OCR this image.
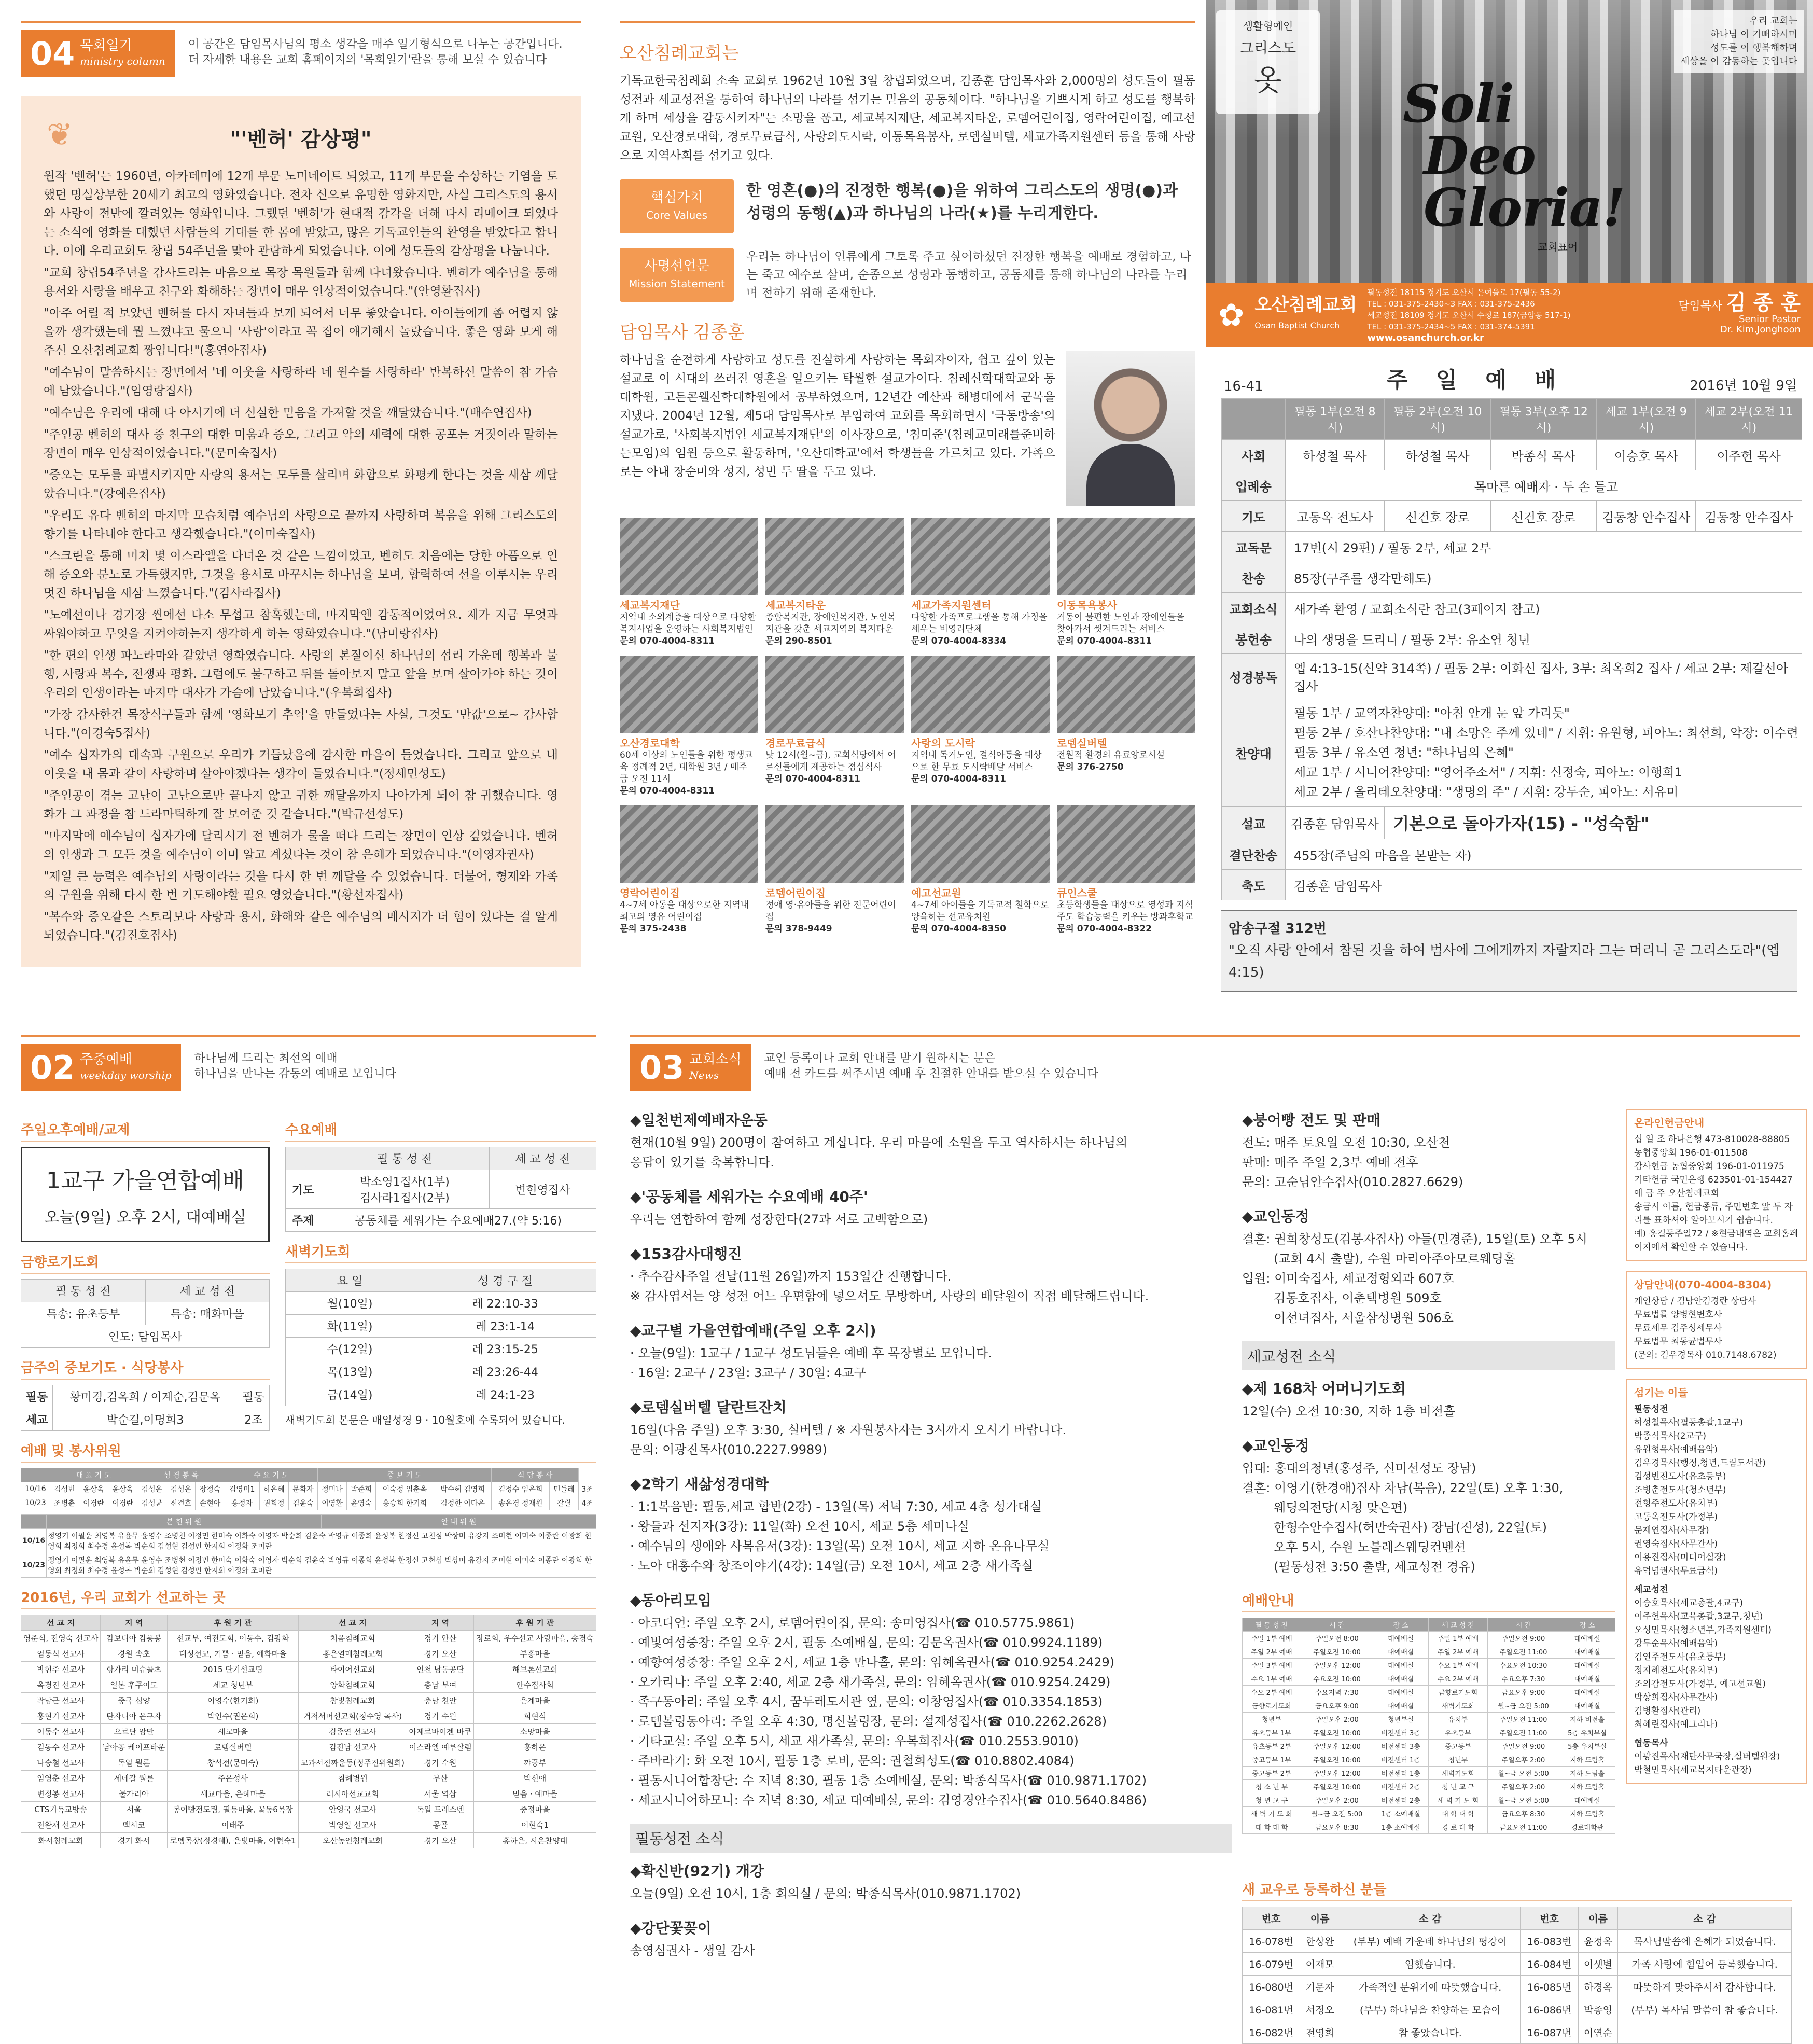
04 목회일기
ministry column
이 공간은 담임목사님의 평소 생각을 매주 일기형식으로 나누는 공간입니다.
더 자세한 내용은 교회 홈페이지의 '목회일기'란을 통해 보실 수 있습니다
❦	"'벤허' 감상평"

원작 '벤허'는 1960년, 아카데미에 12개 부문 노미네이트 되었고, 11개 부문을 수상하는 기염을 토했던 명실상부한 20세기 최고의 영화였습니다. 전차 신으로 유명한 영화지만, 사실 그리스도의 용서와 사랑이 전반에 깔려있는 영화입니다. 그랬던 '벤허'가 현대적 감각을 더해 다시 리메이크 되었다는 소식에 영화를 대했던 사람들의 기대를 한 몸에 받았고, 많은 기독교인들의 환영을 받았다고 합니다. 이에 우리교회도 창립 54주년을 맞아 관람하게 되었습니다. 이에 성도들의 감상평을 나눕니다.

"교회 창립54주년을 감사드리는 마음으로 목장 목원들과 함께 다녀왔습니다. 벤허가 예수님을 통해 용서와 사랑을 배우고 친구와 화해하는 장면이 매우 인상적이었습니다."(안영환집사)

"아주 어릴 적 보았던 벤허를 다시 자녀들과 보게 되어서 너무 좋았습니다. 아이들에게 좀 어렵지 않을까 생각했는데 뭘 느꼈냐고 물으니 '사랑'이라고 꼭 집어 얘기해서 놀랐습니다. 좋은 영화 보게 해주신 오산침례교회 짱입니다!"(홍연아집사)

"예수님이 말씀하시는 장면에서 '네 이웃을 사랑하라 네 원수를 사랑하라' 반복하신 말씀이 참 가슴에 남았습니다."(임영랑집사)

"예수님은 우리에 대해 다 아시기에 더 신실한 믿음을 가져할 것을 깨달았습니다."(배수연집사)

"주인공 벤허의 대사 중 친구의 대한 미움과 증오, 그리고 악의 세력에 대한 공포는 거짓이라 말하는 장면이 매우 인상적이었습니다."(문미숙집사)

"증오는 모두를 파멸시키지만 사랑의 용서는 모두를 살리며 화합으로 화평케 한다는 것을 새삼 깨달았습니다."(강예은집사)

"우리도 유다 벤허의 마지막 모습처럼 예수님의 사랑으로 끝까지 사랑하며 복음을 위해 그리스도의 향기를 나타내야 한다고 생각했습니다."(이미숙집사)

"스크린을 통해 미처 몇 이스라엘을 다녀온 것 같은 느낌이었고, 벤허도 처음에는 당한 아픔으로 인해 증오와 분노로 가득했지만, 그것을 용서로 바꾸시는 하나님을 보며, 합력하여 선을 이루시는 우리 멋진 하나님을 새삼 느꼈습니다."(김사라집사)

"노예선이나 경기장 씬에선 다소 무섭고 참혹했는데, 마지막엔 감동적이었어요. 제가 지금 무엇과 싸워야하고 무엇을 지켜야하는지 생각하게 하는 영화였습니다."(남미랑집사)

"한 편의 인생 파노라마와 같았던 영화였습니다. 사랑의 본질이신 하나님의 섭리 가운데 행복과 불행, 사랑과 복수, 전쟁과 평화. 그럼에도 불구하고 뒤를 돌아보지 말고 앞을 보며 살아가야 하는 것이 우리의 인생이라는 마지막 대사가 가슴에 남았습니다."(우복희집사)

"가장 감사한건 목장식구들과 함께 '영화보기 추억'을 만들었다는 사실, 그것도 '반값'으로~ 감사합니다."(이경숙5집사)

"예수 십자가의 대속과 구원으로 우리가 거듭났음에 감사한 마음이 들었습니다. 그리고 앞으로 내 이웃을 내 몸과 같이 사랑하며 살아야겠다는 생각이 들었습니다."(정세민성도)

"주인공이 겪는 고난이 고난으로만 끝나지 않고 귀한 깨달음까지 나아가게 되어 참 귀했습니다. 영화가 그 과정을 참 드라마틱하게 잘 보여준 것 같습니다."(박규선성도)

"마지막에 예수님이 십자가에 달리시기 전 벤허가 물을 떠다 드리는 장면이 인상 깊었습니다. 벤허의 인생과 그 모든 것을 예수님이 이미 알고 계셨다는 것이 참 은혜가 되었습니다."(이영자권사)

"제일 큰 능력은 예수님의 사랑이라는 것을 다시 한 번 깨달을 수 있었습니다. 더불어, 형제와 가족의 구원을 위해 다시 한 번 기도해야할 필요 영었습니다."(황선자집사)

"복수와 증오같은 스토리보다 사랑과 용서, 화해와 같은 예수님의 메시지가 더 힘이 있다는 걸 알게 되었습니다."(김진호집사)

오산침례교회는

기독교한국침례회 소속 교회로 1962년 10월 3일 창립되었으며, 김종훈 담임목사와 2,000명의 성도들이 필동성전과 세교성전을 통하여 하나님의 나라를 섬기는 믿음의 공동체이다. "하나님을 기쁘시게 하고 성도를 행복하게 하며 세상을 감동시키자"는 소망을 품고, 세교복지재단, 세교복지타운, 로뎀어린이집, 영락어린이집, 예고선교원, 오산경로대학, 경로무료급식, 사랑의도시락, 이동목욕봉사, 로뎀실버텔, 세교가족지원센터 등을 통해 사랑으로 지역사회를 섬기고 있다.

핵심가치
Core Values
한 영혼(●)의 진정한 행복(●)을 위하여 그리스도의 생명(●)과 성령의 동행(▲)과 하나님의 나라(★)를 누리게한다.
사명선언문
Mission Statement
우리는 하나님이 인류에게 그토록 주고 싶어하셨던 진정한 행복을 예배로 경험하고, 나는 죽고 예수로 살며, 순종으로 성령과 동행하고, 공동체를 통해 하나님의 나라를 누리며 전하기 위해 존재한다.
담임목사 김종훈

하나님을 순전하게 사랑하고 성도를 진실하게 사랑하는 목회자이자, 쉽고 깊이 있는 설교로 이 시대의 쓰러진 영혼을 일으키는 탁월한 설교가이다. 침례신학대학교와 동대학원, 고든콘웰신학대학원에서 공부하였으며, 12년간 예산과 해병대에서 군목을 지냈다. 2004년 12월, 제5대 담임목사로 부임하여 교회를 목회하면서 '극동방송'의 설교가로, '사회복지법인 세교복지재단'의 이사장으로, '침미준'(침례교미래를준비하는모임)의 임원 등으로 활동하며, '오산대학교'에서 학생들을 가르치고 있다. 가족으로는 아내 장순미와 성지, 성빈 두 딸을 두고 있다.

세교복지재단
지역내 소외계층을 대상으로 다양한 복지사업을 운영하는 사회복지법인
문의 070-4004-8311
세교복지타운
종합복지관, 장애인복지관, 노인복지관을 갖춘 세교지역의 복지타운
문의 290-8501
세교가족지원센터
다양한 가족프로그램을 통해 가정을 세우는 비영리단체
문의 070-4004-8334
이동목욕봉사
거동이 불편한 노인과 장애인들을 찾아가서 씻겨드리는 서비스
문의 070-4004-8311
오산경로대학
60세 이상의 노인들을 위한 평생교육 정례적 2년, 대학원 3년 / 매주 금 오전 11시
문의 070-4004-8311
경로무료급식
낮 12시(월~금), 교회식당에서 어르신들에게 제공하는 점심식사
문의 070-4004-8311
사랑의 도시락
지역내 독거노인, 결식아동을 대상으로 한 무료 도시락배달 서비스
문의 070-4004-8311
로뎀실버텔
전원적 환경의 유료양로시설
문의 376-2750
영락어린이집
4~7세 아동을 대상으로한 지역내 최고의 영유 어린이집
문의 375-2438
로뎀어린이집
정애 영·유아들을 위한 전문어린이집
문의 378-9449
예고선교원
4~7세 아이들을 기독교적 철학으로 양육하는 선교유치원
문의 070-4004-8350
큐인스쿨
초등학생들을 대상으로 영성과 지식 주도 학습능력을 키우는 방과후학교
문의 070-4004-8322
생활형예인
그리스도
옷
우리 교회는
하나님 이 기뻐하시며
성도를 이 행복해하며
세상을 이 감동하는 곳입니다
Soli
Deo
Gloria!
교회표어
✿ 오산침례교회
Osan Baptist Church
필동성전 18115 경기도 오산시 은여울로 17(필동 55-2)
TEL : 031-375-2430~3 FAX : 031-375-2436
세교성전 18109 경기도 오산시 수청로 187(금암동 517-1)
TEL : 031-375-2434~5 FAX : 031-374-5391
www.osanchurch.or.kr
담임목사 김 종 훈
Senior Pastor
Dr. Kim,Jonghoon
16-41	주 일 예 배	2016년 10월 9일
	필동 1부(오전 8시)	필동 2부(오전 10시)	필동 3부(오후 12시)	세교 1부(오전 9시)	세교 2부(오전 11시)
사회	하성철 목사	하성철 목사	박종식 목사	이승호 목사	이주헌 목사
입례송	목마른 예배자 · 두 손 들고				
기도	고동옥 전도사	신건호 장로	신건호 장로	김동창 안수집사	김동창 안수집사
교독문	17번(시 29편) / 필동 2부, 세교 2부				
찬송	85장(구주를 생각만해도)				
교회소식	새가족 환영 / 교회소식란 참고(3페이지 참고)				
봉헌송	나의 생명을 드리니 / 필동 2부: 유소연 청년				
성경봉독	엡 4:13-15(신약 314쪽) / 필동 2부: 이화신 집사, 3부: 최옥희2 집사 / 세교 2부: 제갈선아 집사				
찬양대	필동 1부 / 교역자찬양대: "아침 안개 눈 앞 가리듯"
필동 2부 / 호산나찬양대: "내 소망은 주께 있네" / 지휘: 유원형, 피아노: 최선희, 악장: 이수련
필동 3부 / 유소연 청년: "하나님의 은혜"
세교 1부 / 시니어찬양대: "영어주소서" / 지휘: 신정숙, 피아노: 이행희1
세교 2부 / 올리테오찬양대: "생명의 주" / 지휘: 강두순, 피아노: 서유미				

설교	김종훈 담임목사	기본으로 돌아가자(15) - "성숙함"			
결단찬송	455장(주님의 마음을 본받는 자)				
축도	김종훈 담임목사				
암송구절 312번
"오직 사랑 안에서 참된 것을 하여 범사에 그에게까지 자랄지라 그는 머리니 곧 그리스도라"(엡 4:15)
02 주중예배
weekday worship
하나님께 드리는 최선의 예배
하나님을 만나는 감동의 예배로 모입니다
주일오후예배/교제
1교구 가을연합예배
오늘(9일) 오후 2시, 대예배실
금향로기도회
필 동 성 전	세 교 성 전
특송: 유초등부	특송: 매화마을
인도: 담임목사	
금주의 중보기도 · 식당봉사
필동	황미경,김옥희 / 이계순,김문옥	필동
세교	박순길,이명희3	2조
수요예배
	필 동 성 전	세 교 성 전
기도	박소영1집사(1부)
김사라1집사(2부)	변현영집사
주제	공동체를 세워가는 수요예배27.(약 5:16)	
새벽기도회
요 일	성 경 구 절
월(10일)	레 22:10-33
화(11일)	레 23:1-14
수(12일)	레 23:15-25
목(13일)	레 23:26-44
금(14일)	레 24:1-23
새벽기도회 본문은 매일성경 9 · 10월호에 수록되어 있습니다.
예배 및 봉사위원
	대 표 기 도			성 경 봉 독			수 요 기 도			중 보 기 도				식 당 봉 사		
10/16	김성빈	윤상욱	윤상욱	김성운	김성운	장정숙	김영미1	하은혜	문화자	정미나	박준희	이숙정 임춘옥	박수혜 김영희	김정수 임은희	민들레	3조
10/23	조병춘	이경란	이경란	김성균	신건호	손현아	홍정자	권희정	김윤숙	이영환	윤영숙	홍승희 한기희	김정한 이다은	송은경 정재원	갈릴	4조
	본 헌 위 원	안 내 위 원
10/16	정영기 이필운 최영복 유윤무 윤영수 조병천 이정민 한미숙 이화숙 이영자 박순희 김윤숙 박영규 이종희 윤성복 한정신 고천심 박상미 유강지 조미현 이미숙 이종란 이광희 한영희 최정희 최수경 윤성복 박순희 김성현 김성민 한지희 이정화 조미란	
10/23	정영기 이필운 최영복 유윤무 윤영수 조병천 이정민 한미숙 이화숙 이영자 박순희 김윤숙 박영규 이종희 윤성복 한정신 고천심 박상미 유강지 조미현 이미숙 이종란 이광희 한영희 최정희 최수경 윤성복 박순희 김성현 김성민 한지희 이정화 조미란	
2016년, 우리 교회가 선교하는 곳
선 교 지	지 역	후 원 기 관	선 교 지	지 역	후 원 기 관
영준식, 전영숙 선교사	캄보디아 캄퐁봉	선교부, 여전도회, 이동수, 김광화	처음침례교회	경기 안산	장로회, 우수선교 사랑마을, 송경숙
엄동식 선교사	경원 속초	대성선교, 기쁨 · 믿음, 예화마을	홍은열매침례교회	경기 오산	부흥마을
박현주 선교사	항가리 미슈콜츠	2015 단기선교팀	타이어선교회	인천 남동공단	해브론선교회
옥경진 선교사	일본 후쿠이도	세교 청년부	양화침례교회	충남 부여	안수집사회
곽남근 선교사	중국 심양	이영수(한기희)	참빛침례교회	충남 천안	은계마을
홍현기 선교사	탄자니아 은구자	박인수(권은희)	거저서머선교회(청수영 목사)	경기 수원	희현식
이동수 선교사	으르단 암만	세교마을	김종연 선교사	아제르바이젠 바쿠	소망마을
김동수 선교사	남아공 케이프타운	로뎀실버텔	김진남 선교사	이스라엘 예루살렘	홍하은
나승철 선교사	독일 뮐른	창석전(문미숙)	교과서진짜운동(정주진위원회)	경기 수원	꺄꿍부
임영춘 선교사	세네갈 월론	주은성사	침례병원	부산	박신애
변정봉 선교사	불가리아	세교마을, 은혜마을	러시아선교교회	서울 역삼	믿음 · 예마을
CTS기독교방송	서울	봉어빵전도팀, 필동마을, 꿀동6목장	안영국 선교사	독일 드레스덴	중정마을
전완재 선교사	멕시코	이태주	박영일 선교사	몽골	이현숙1
화서침례교회	경기 화서	로뎀목장(정경혜), 은빛마을, 이현숙1	오산농인침례교회	경기 오산	홍하은, 시온찬양대
03 교회소식
News
교인 등록이나 교회 안내를 받기 원하시는 분은
예배 전 카드를 써주시면 예배 후 친절한 안내를 받으실 수 있습니다
◆일천번제예배자운동
현재(10월 9일) 200명이 참여하고 계십니다. 우리 마음에 소원을 두고 역사하시는 하나님의
응답이 있기를 축복합니다.
◆'공동체를 세워가는 수요예배 40주'
우리는 연합하여 함께 성장한다(27과 서로 고백함으로)
◆153감사대행진
· 추수감사주일 전날(11월 26일)까지 153일간 진행합니다.
※ 감사엽서는 양 성전 어느 우편함에 넣으셔도 무방하며, 사랑의 배달원이 직접 배달해드립니다.
◆교구별 가을연합예배(주일 오후 2시)
· 오늘(9일): 1교구 / 1교구 성도님들은 예배 후 목장별로 모입니다.
· 16일: 2교구 / 23일: 3교구 / 30일: 4교구
◆로뎀실버텔 달란트잔치
16일(다음 주일) 오후 3:30, 실버텔 / ※ 자원봉사자는 3시까지 오시기 바랍니다.
문의: 이광진목사(010.2227.9989)
◆2학기 새삶성경대학
· 1:1복음반: 필동,세교 합반(2강) - 13일(목) 저녁 7:30, 세교 4층 성가대실
· 왕들과 선지자(3강): 11일(화) 오전 10시, 세교 5층 세미나실
· 예수님의 생애와 사복음서(3강): 13일(목) 오전 10시, 세교 지하 온유나무실
· 노아 대홍수와 창조이야기(4강): 14일(금) 오전 10시, 세교 2층 새가족실
◆동아리모임
· 아코디언: 주일 오후 2시, 로뎀어린이집, 문의: 송미영집사(☎ 010.5775.9861)
· 예빛여성중창: 주일 오후 2시, 필동 소예배실, 문의: 김문옥권사(☎ 010.9924.1189)
· 예향여성중창: 주일 오후 2시, 세교 1층 만나홀, 문의: 임혜옥권사(☎ 010.9254.2429)
· 오카리나: 주일 오후 2:40, 세교 2층 새가족실, 문의: 임혜옥권사(☎ 010.9254.2429)
· 족구동아리: 주일 오후 4시, 꿈두레도서관 옆, 문의: 이창영집사(☎ 010.3354.1853)
· 로뎀볼링동아리: 주일 오후 4:30, 명신볼링장, 문의: 설재성집사(☎ 010.2262.2628)
· 기타교실: 주일 오후 5시, 세교 새가족실, 문의: 우복희집사(☎ 010.2553.9010)
· 주바라기: 화 오전 10시, 필동 1층 로비, 문의: 권철희성도(☎ 010.8802.4084)
· 필동시니어합창단: 수 저녁 8:30, 필동 1층 소예배실, 문의: 박종식목사(☎ 010.9871.1702)
· 세교시니어하모니: 수 저녁 8:30, 세교 대예배실, 문의: 김영경안수집사(☎ 010.5640.8486)
필동성전 소식
◆확신반(92기) 개강
오늘(9일) 오전 10시, 1층 회의실 / 문의: 박종식목사(010.9871.1702)
◆강단꽃꽂이
송영심권사 - 생일 감사
◆붕어빵 전도 및 판매
전도: 매주 토요일 오전 10:30, 오산천
판매: 매주 주일 2,3부 예배 전후
문의: 고순님안수집사(010.2827.6629)
◆교인동정
결혼: 권희창성도(김봉자집사) 아들(민경준), 15일(토) 오후 5시
(교회 4시 출발), 수원 마리아주아모르웨딩홀
입원: 이미숙집사, 세교정형외과 607호
김동호집사, 이춘택병원 509호
이선녀집사, 서울삼성병원 506호
세교성전 소식
◆제 168차 어머니기도회
12일(수) 오전 10:30, 지하 1층 비전홀
◆교인동정
입대: 홍대의청년(홍성주, 신미선성도 장남)
결혼: 이영기(한경애)집사 차남(복음), 22일(토) 오후 1:30,
웨딩의전당(시청 맞은편)
한형수안수집사(허만숙권사) 장남(진성), 22일(토)
오후 5시, 수원 노블레스웨딩컨벤션
(필동성전 3:50 출발, 세교성전 경유)
예배안내
필 동 성 전	시 간	장 소	세 교 성 전	시 간	장 소
주일 1부 예배	주일오전 8:00	대예배실	주일 1부 예배	주일오전 9:00	대예배실
주일 2부 예배	주일오전 10:00	대예배실	주일 2부 예배	주일오전 11:00	대예배실
주일 3부 예배	주일오후 12:00	대예배실	수요 1부 예배	수요오전 10:30	대예배실
수요 1부 예배	수요오전 10:00	대예배실	수요 2부 예배	수요오후 7:30	대예배실
수요 2부 예배	수요저녁 7:30	대예배실	금향로기도회	금요오후 9:00	대예배실
금향로기도회	금요오후 9:00	대예배실	새벽기도회	월~금 오전 5:00	대예배실
청년부	주일오후 2:00	청년부실	유치부	주일오전 11:00	지하 비전홀
유초등부 1부	주일오전 10:00	비전센터 3층	유초등부	주일오전 11:00	5층 유치부실
유초등부 2부	주일오후 12:00	비전센터 3층	중고등부	주일오전 9:00	5층 유치부실
중고등부 1부	주일오전 10:00	비전센터 1층	청년부	주일오후 2:00	지하 드림홀
중고등부 2부	주일오후 12:00	비전센터 1층	새벽기도회	월~금 오전 5:00	지하 드림홀
청 소 년 부	주일오전 10:00	비전센터 2층	청 년 교 구	주일오후 2:00	지하 드림홀
청 년 교 구	주일오후 2:00	비전센터 2층	새 벽 기 도 회	월~금 오전 5:00	대예배실
새 벽 기 도 회	월~금 오전 5:00	1층 소예배실	대 학 대 학	금요오후 8:30	지하 드림홀
대 학 대 학	금요오후 8:30	1층 소예배실	경 로 대 학	금요오전 11:00	경로대학관
온라인헌금안내
십 일 조 하나은행 473-810028-88805
농협중앙회 196-01-011508
감사헌금 농협중앙회 196-01-011975
기타헌금 국민은행 623501-01-154427
예 금 주 오산침례교회
송금시 이름, 헌금종류, 주민번호 앞 두 자리를 표하셔야 알아보시기 쉽습니다.
예) 홍길동주일72 / ※현금내역은 교회홈페이지에서 확인할 수 있습니다.
상담안내(070-4004-8304)
개인상담 / 김남안김경란 상담사
무료법률 양병현변호사
무료세무 김주성세무사
무료법무 최동균법무사
(문의: 김우경목사 010.7148.6782)
섬기는 이들
필동성전
하성철목사(필동총괄,1교구)
박종식목사(2교구)
유원형목사(예배음악)
김우경목사(행정,청년,드림도서관)
김성빈전도사(유초등부)
조병춘전도사(청소년부)
전형주전도사(유치부)
고동옥전도사(가정부)
문재연집사(사무장)
권영숙집사(사무간사)
이용진집사(미디어실장)
유덕념권사(무료급식)
세교성전
이승호목사(세교총괄,4교구)
이주헌목사(교육총괄,3교구,청년)
오성민목사(청소년부,가족지원센터)
강두순목사(예배음악)
김연주전도사(유초등부)
정지혜전도사(유치부)
조의감전도사(가정부, 예고선교원)
박상희집사(사무간사)
김병환집사(관리)
최혜린집사(예그리나)
협동목사
이광진목사(재단사무국장,실버텔원장)
박철민목사(세교복지타운관장)
새 교우로 등록하신 분들
번호	이름	소 감	번호	이름	소 감
16-078번	한상완	(부부) 예배 가운데 하나님의 평강이	16-083번	윤정옥	목사님말씀에 은혜가 되었습니다.
16-079번	이재모	임했습니다.	16-084번	이샛별	가족 사랑에 힘입어 등록했습니다.
16-080번	기문자	가족적인 분위기에 따뜻했습니다.	16-085번	하경옥	따뜻하게 맞아주셔서 감사합니다.
16-081번	서정오	(부부) 하나님을 찬양하는 모습이	16-086번	박종영	(부부) 목사님 말씀이 참 좋습니다.
16-082번	전영희	참 좋았습니다.	16-087번	이연순	
